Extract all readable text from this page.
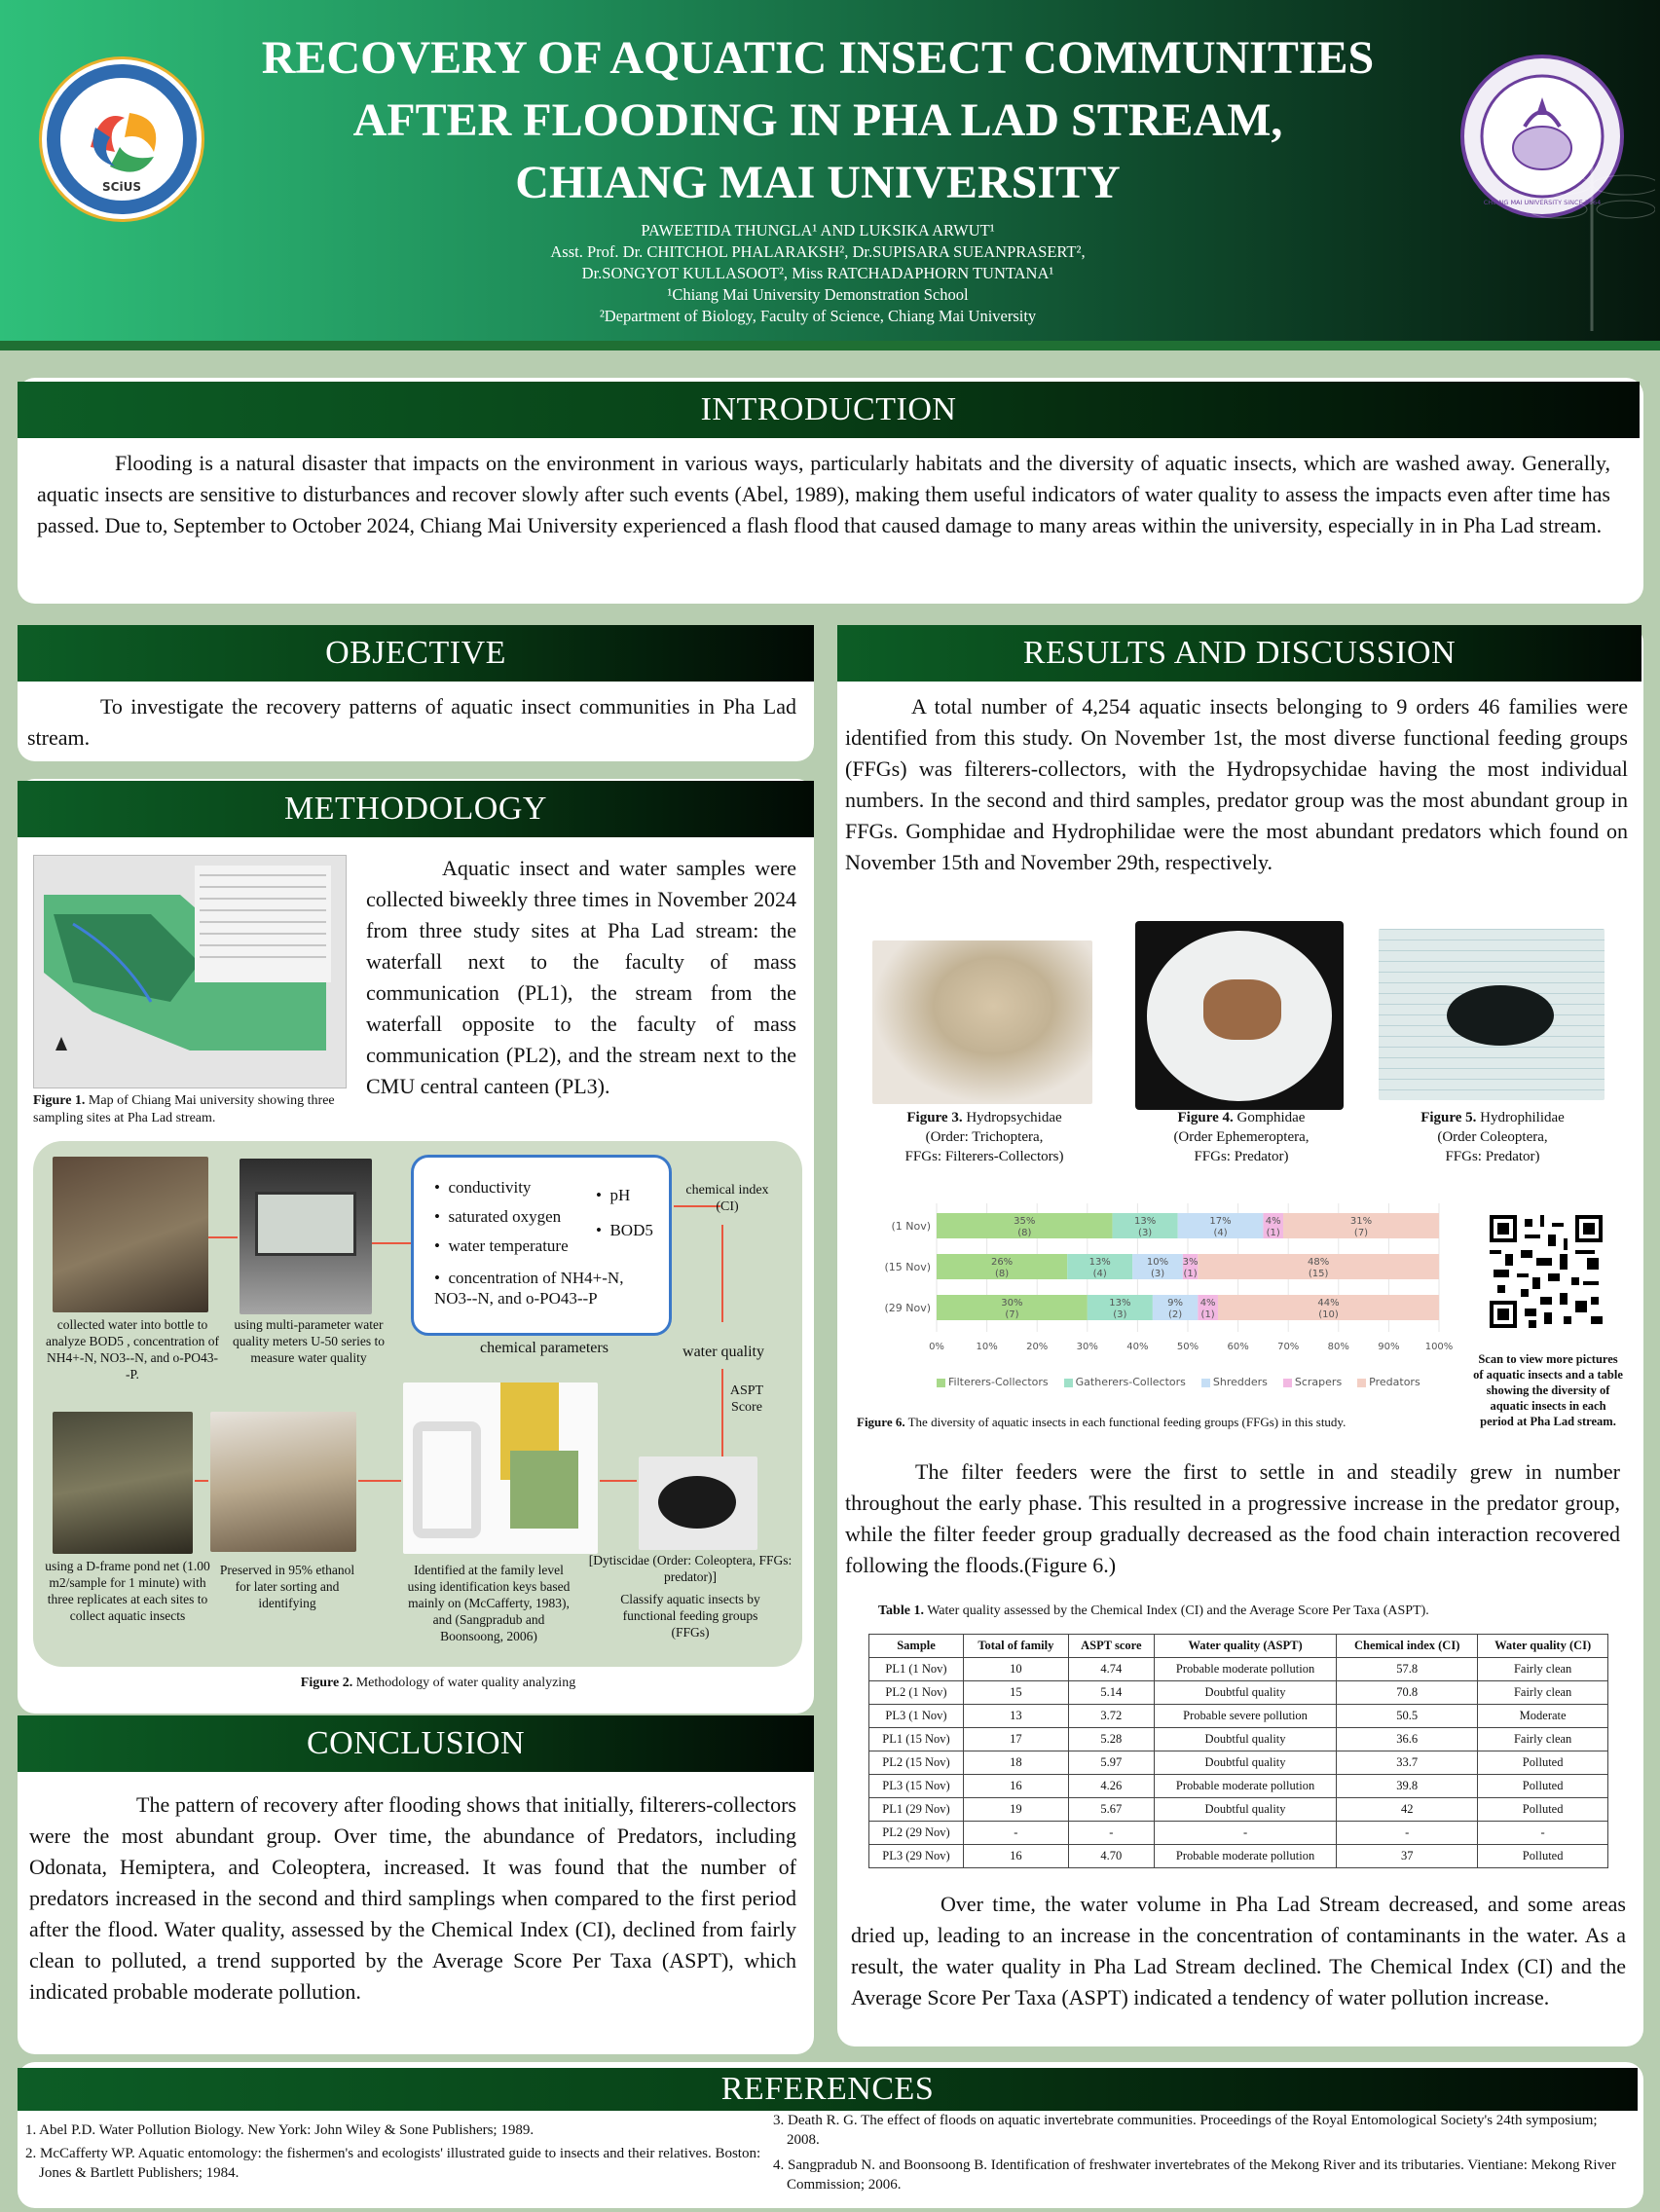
SCiUS
RECOVERY OF AQUATIC INSECT COMMUNITIES
AFTER FLOODING IN PHA LAD STREAM,
CHIANG MAI UNIVERSITY
PAWEETIDA THUNGLA¹ AND LUKSIKA ARWUT¹
Asst. Prof. Dr. CHITCHOL PHALARAKSH², Dr.SUPISARA SUEANPRASERT²,
Dr.SONGYOT KULLASOOT², Miss RATCHADAPHORN TUNTANA¹
¹Chiang Mai University Demonstration School
²Department of Biology, Faculty of Science, Chiang Mai University
CHIANG MAI UNIVERSITY SINCE 1964
INTRODUCTION
Flooding is a natural disaster that impacts on the environment in various ways, particularly habitats and the diversity of aquatic insects, which are washed away. Generally, aquatic insects are sensitive to disturbances and recover slowly after such events (Abel, 1989), making them useful indicators of water quality to assess the impacts even after time has passed. Due to, September to October 2024, Chiang Mai University experienced a flash flood that caused damage to many areas within the university, especially in in Pha Lad stream.
OBJECTIVE
To investigate the recovery patterns of aquatic insect communities in Pha Lad stream.
METHODOLOGY
Figure 1. Map of Chiang Mai university showing three sampling sites at Pha Lad stream.
Aquatic insect and water samples were collected biweekly three times in November 2024 from three study sites at Pha Lad stream: the waterfall next to the faculty of mass communication (PL1), the stream from the waterfall opposite to the faculty of mass communication (PL2), and the stream next to the CMU central canteen (PL3).
•  conductivity
•  saturated oxygen
•  water temperature
•  pH
•  BOD5
•  concentration of NH4+-N, NO3--N, and o-PO43--P
chemical parameters
chemical index (CI)
water quality
ASPT Score
collected water into bottle to analyze BOD5 , concentration of NH4+-N, NO3--N, and o-PO43--P.
using multi-parameter water quality meters U-50 series to measure water quality
using a D-frame pond net (1.00 m2/sample for 1 minute) with three replicates at each sites to collect aquatic insects
Preserved in 95% ethanol for later sorting and identifying
Identified at the family level using identification keys based mainly on (McCafferty, 1983), and (Sangpradub and Boonsoong, 2006)
[Dytiscidae (Order: Coleoptera, FFGs: predator)]
Classify aquatic insects by functional feeding groups (FFGs)
Figure 2. Methodology of water quality analyzing
CONCLUSION
The pattern of recovery after flooding shows that initially, filterers-collectors were the most abundant group. Over time, the abundance of Predators, including Odonata, Hemiptera, and Coleoptera, increased. It was found that the number of predators increased in the second and third samplings when compared to the first period after the flood. Water quality, assessed by the Chemical Index (CI), declined from fairly clean to polluted, a trend supported by the Average Score Per Taxa (ASPT), which indicated probable moderate pollution.
RESULTS AND DISCUSSION
A total number of 4,254 aquatic insects belonging to 9 orders 46 families were identified from this study. On November 1st, the most diverse functional feeding groups (FFGs) was filterers-collectors, with the Hydropsychidae having the most individual numbers. In the second and third samples, predator group was the most abundant group in FFGs. Gomphidae and Hydrophilidae were the most abundant predators which found on November 15th and November 29th, respectively.
Figure 3. Hydropsychidae
(Order: Trichoptera,
FFGs: Filterers-Collectors)
Figure 4. Gomphidae
(Order Ephemeroptera,
FFGs: Predator)
Figure 5. Hydrophilidae
(Order Coleoptera,
FFGs: Predator)
0%	10%	20%	30%	40%	50%	60%	70%	80%	90%	100%
(1 Nov)	35%
(8)
13%
(3)
17%
(4)
4%
(1)
31%
(7)
(15 Nov)	26%
(8)
13%
(4)
10%
(3)
3%
(1)
48%
(15)
(29 Nov)	30%
(7)
13%
(3)
9%
(2)
4%
(1)
44%
(10)
Filterers-Collectors	Gatherers-Collectors	Shredders	Scrapers	Predators
Figure 6. The diversity of aquatic insects in each functional feeding groups (FFGs) in this study.
Scan to view more pictures of aquatic insects and a table showing the diversity of aquatic insects in each period at Pha Lad stream.
The filter feeders were the first to settle in and steadily grew in number throughout the early phase. This resulted in a progressive increase in the predator group, while the filter feeder group gradually decreased as the food chain interaction recovered following the floods.(Figure 6.)
Table 1. Water quality assessed by the Chemical Index (CI) and the Average Score Per Taxa (ASPT).
Sample	Total of family	ASPT score	Water quality (ASPT)	Chemical index (CI)	Water quality (CI)
PL1 (1 Nov)	10	4.74	Probable moderate pollution	57.8	Fairly clean
PL2 (1 Nov)	15	5.14	Doubtful quality	70.8	Fairly clean
PL3 (1 Nov)	13	3.72	Probable severe pollution	50.5	Moderate
PL1 (15 Nov)	17	5.28	Doubtful quality	36.6	Fairly clean
PL2 (15 Nov)	18	5.97	Doubtful quality	33.7	Polluted
PL3 (15 Nov)	16	4.26	Probable moderate pollution	39.8	Polluted
PL1 (29 Nov)	19	5.67	Doubtful quality	42	Polluted
PL2 (29 Nov)	-	-	-	-	-
PL3 (29 Nov)	16	4.70	Probable moderate pollution	37	Polluted
Over time, the water volume in Pha Lad Stream decreased, and some areas dried up, leading to an increase in the concentration of contaminants in the water. As a result, the water quality in Pha Lad Stream declined. The Chemical Index (CI) and the Average Score Per Taxa (ASPT) indicated a tendency of water pollution increase.
REFERENCES
1. Abel P.D. Water Pollution Biology. New York: John Wiley & Sone Publishers; 1989.
2. McCafferty WP. Aquatic entomology: the fishermen's and ecologists' illustrated guide to insects and their relatives. Boston: Jones & Bartlett Publishers; 1984.
3. Death R. G. The effect of floods on aquatic invertebrate communities. Proceedings of the Royal Entomological Society's 24th symposium; 2008.
4. Sangpradub N. and Boonsoong B. Identification of freshwater invertebrates of the Mekong River and its tributaries. Vientiane: Mekong River Commission; 2006.
